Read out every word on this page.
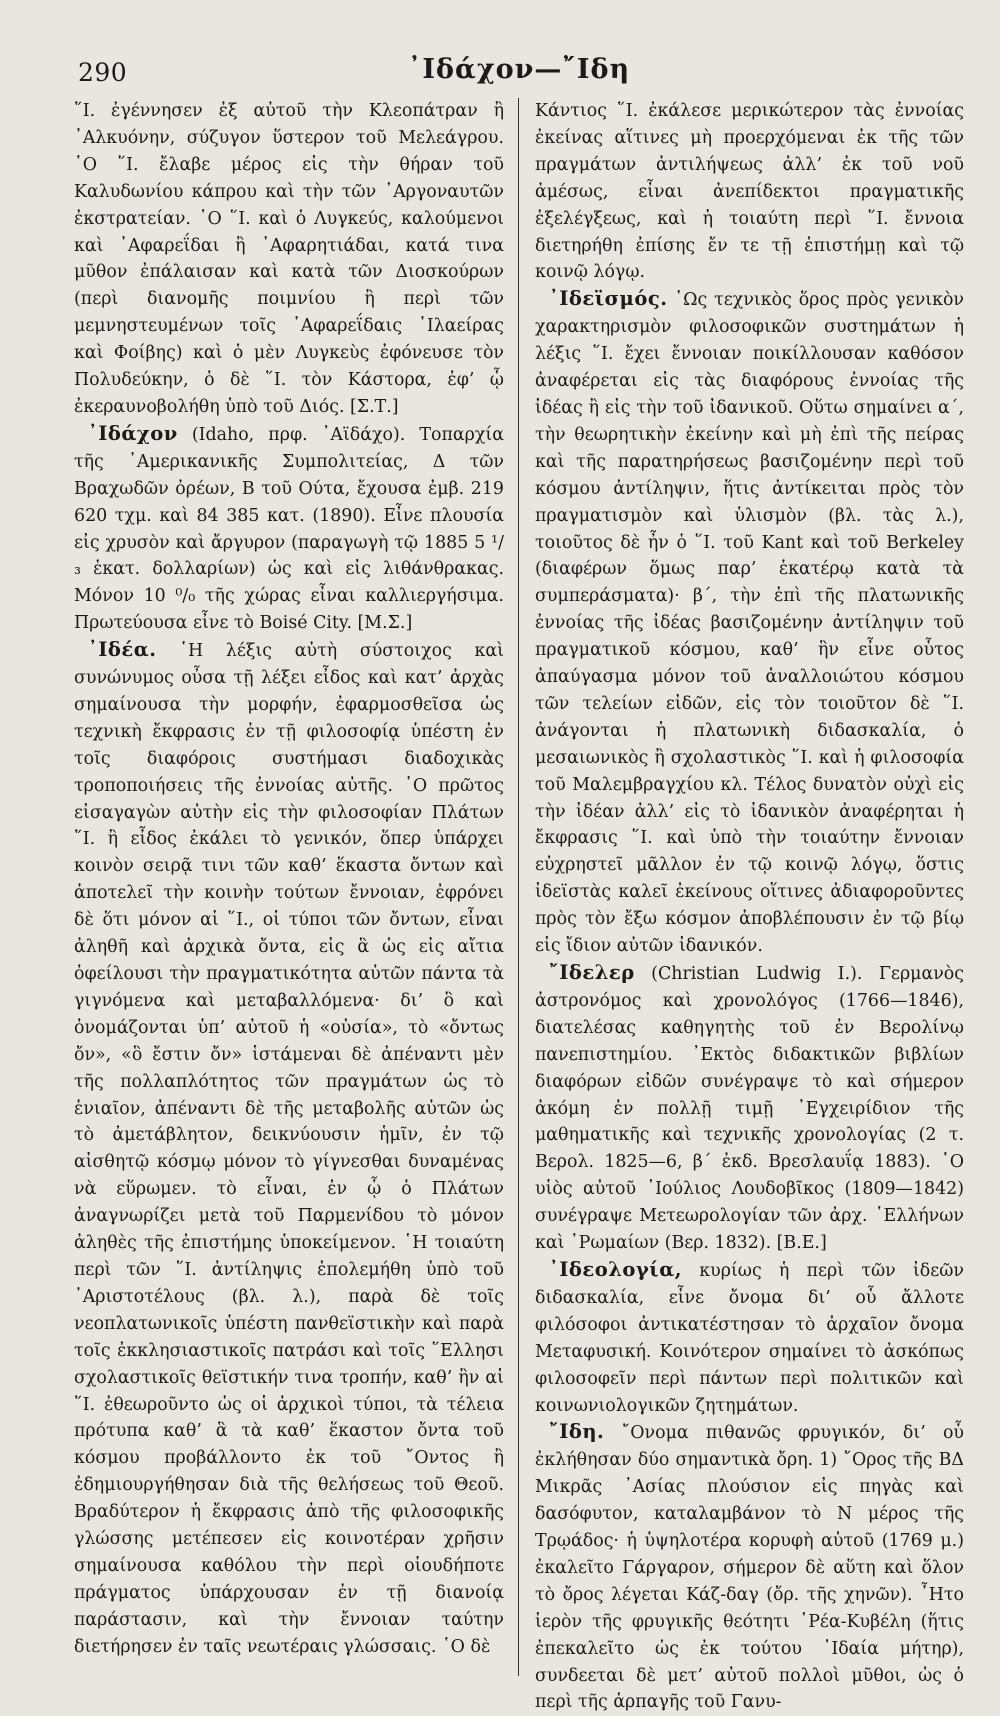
290	᾿Ιδάχον—῎Ιδη

῞Ι. ἐγέννησεν ἐξ αὐτοῦ τὴν Κλεοπάτραν ἢ ᾿Αλκυόνην, σύζυγον ὕστερον τοῦ Μελεάγρου. ῾Ο ῞Ι. ἔλαβε μέρος εἰς τὴν θήραν τοῦ Καλυδωνίου κάπρου καὶ τὴν τῶν ᾿Αργοναυτῶν ἐκστρατείαν. ῾Ο ῞Ι. καὶ ὁ Λυγκεύς, καλούμενοι καὶ ᾿Αφαρεΐδαι ἢ ᾿Αφαρητιάδαι, κατά τινα μῦθον ἐπάλαισαν καὶ κατὰ τῶν Διοσκούρων (περὶ διανομῆς ποιμνίου ἢ περὶ τῶν μεμνηστευμένων τοῖς ᾿Αφαρεΐδαις ῾Ιλαείρας καὶ Φοίβης) καὶ ὁ μὲν Λυγκεὺς ἐφόνευσε τὸν Πολυδεύκην, ὁ δὲ ῞Ι. τὸν Κάστορα, ἐφ’ ᾧ ἐκεραυνοβολήθη ὑπὸ τοῦ Διός. [Σ.Τ.]

᾿Ιδάχον (Idaho, πρφ. ᾿Αϊδάχο). Τοπαρχία τῆς ᾿Αμερικανικῆς Συμπολιτείας, Δ τῶν Βραχωδῶν ὀρέων, Β τοῦ Ούτα, ἔχουσα ἐμβ. 219 620 τχμ. καὶ 84 385 κατ. (1890). Εἶνε πλουσία εἰς χρυσὸν καὶ ἄργυρον (παραγωγὴ τῷ 1885 5 ¹/₃ ἑκατ. δολλαρίων) ὡς καὶ εἰς λιθάνθρακας. Μόνον 10 ⁰/₀ τῆς χώρας εἶναι καλλιεργήσιμα. Πρωτεύουσα εἶνε τὸ Boisé City. [Μ.Σ.]

᾿Ιδέα. ῾Η λέξις αὐτὴ σύστοιχος καὶ συνώνυμος οὖσα τῇ λέξει εἶδος καὶ κατ’ ἀρχὰς σημαίνουσα τὴν μορφήν, ἐφαρμοσθεῖσα ὡς τεχνικὴ ἔκφρασις ἐν τῇ φιλοσοφίᾳ ὑπέστη ἐν τοῖς διαφόροις συστήμασι διαδοχικὰς τροποποιήσεις τῆς ἐννοίας αὐτῆς. ῾Ο πρῶτος εἰσαγαγὼν αὐτὴν εἰς τὴν φιλοσοφίαν Πλάτων ῞Ι. ἢ εἶδος ἐκάλει τὸ γενικόν, ὅπερ ὑπάρχει κοινὸν σειρᾷ τινι τῶν καθ’ ἕκαστα ὄντων καὶ ἀποτελεῖ τὴν κοινὴν τούτων ἔννοιαν, ἐφρόνει δὲ ὅτι μόνον αἱ ῞Ι., οἱ τύποι τῶν ὄντων, εἶναι ἀληθῆ καὶ ἀρχικὰ ὄντα, εἰς ἃ ὡς εἰς αἴτια ὀφείλουσι τὴν πραγματικότητα αὐτῶν πάντα τὰ γιγνόμενα καὶ μεταβαλλόμενα· δι’ ὃ καὶ ὀνομάζονται ὑπ’ αὐτοῦ ἡ «οὐσία», τὸ «ὄντως ὄν», «ὃ ἔστιν ὄν» ἱστάμεναι δὲ ἀπέναντι μὲν τῆς πολλαπλότητος τῶν πραγμάτων ὡς τὸ ἑνιαῖον, ἀπέναντι δὲ τῆς μεταβολῆς αὐτῶν ὡς τὸ ἀμετάβλητον, δεικνύουσιν ἡμῖν, ἐν τῷ αἰσθητῷ κόσμῳ μόνον τὸ γίγνεσθαι δυναμένας νὰ εὕρωμεν. τὸ εἶναι, ἐν ᾧ ὁ Πλάτων ἀναγνωρίζει μετὰ τοῦ Παρμενίδου τὸ μόνον ἀληθὲς τῆς ἐπιστήμης ὑποκείμενον. ῾Η τοιαύτη περὶ τῶν ῞Ι. ἀντίληψις ἐπολεμήθη ὑπὸ τοῦ ᾿Αριστοτέλους (βλ. λ.), παρὰ δὲ τοῖς νεοπλατωνικοῖς ὑπέστη πανθεϊστικὴν καὶ παρὰ τοῖς ἐκκλησιαστικοῖς πατράσι καὶ τοῖς ῞Ελλησι σχολαστικοῖς θεϊστικήν τινα τροπήν, καθ’ ἣν αἱ ῞Ι. ἐθεωροῦντο ὡς οἱ ἀρχικοὶ τύποι, τὰ τέλεια πρότυπα καθ’ ἃ τὰ καθ’ ἕκαστον ὄντα τοῦ κόσμου προβάλλοντο ἐκ τοῦ ῎Οντος ἢ ἐδημιουργήθησαν διὰ τῆς θελήσεως τοῦ Θεοῦ. Βραδύτερον ἡ ἔκφρασις ἀπὸ τῆς φιλοσοφικῆς γλώσσης μετέπεσεν εἰς κοινοτέραν χρῆσιν σημαίνουσα καθόλου τὴν περὶ οἱουδήποτε πράγματος ὑπάρχουσαν ἐν τῇ διανοίᾳ παράστασιν, καὶ τὴν ἔννοιαν ταύτην διετήρησεν ἐν ταῖς νεωτέραις γλώσσαις. ῾Ο δὲ

Κάντιος ῞Ι. ἐκάλεσε μερικώτερον τὰς ἐννοίας ἐκείνας αἵτινες μὴ προερχόμεναι ἐκ τῆς τῶν πραγμάτων ἀντιλήψεως ἀλλ’ ἐκ τοῦ νοῦ ἀμέσως, εἶναι ἀνεπίδεκτοι πραγματικῆς ἐξελέγξεως, καὶ ἡ τοιαύτη περὶ ῞Ι. ἔννοια διετηρήθη ἐπίσης ἔν τε τῇ ἐπιστήμῃ καὶ τῷ κοινῷ λόγῳ.

᾿Ιδεϊσμός. ῾Ως τεχνικὸς ὅρος πρὸς γενικὸν χαρακτηρισμὸν φιλοσοφικῶν συστημάτων ἡ λέξις ῞Ι. ἔχει ἔννοιαν ποικίλλουσαν καθόσον ἀναφέρεται εἰς τὰς διαφόρους ἐννοίας τῆς ἰδέας ἢ εἰς τὴν τοῦ ἰδανικοῦ. Οὕτω σημαίνει α΄, τὴν θεωρητικὴν ἐκείνην καὶ μὴ ἐπὶ τῆς πείρας καὶ τῆς παρατηρήσεως βασιζομένην περὶ τοῦ κόσμου ἀντίληψιν, ἥτις ἀντίκειται πρὸς τὸν πραγματισμὸν καὶ ὑλισμὸν (βλ. τὰς λ.), τοιοῦτος δὲ ἦν ὁ ῞Ι. τοῦ Kant καὶ τοῦ Berkeley (διαφέρων ὅμως παρ’ ἑκατέρῳ κατὰ τὰ συμπεράσματα)· β΄, τὴν ἐπὶ τῆς πλατωνικῆς ἐννοίας τῆς ἰδέας βασιζομένην ἀντίληψιν τοῦ πραγματικοῦ κόσμου, καθ’ ἣν εἶνε οὗτος ἀπαύγασμα μόνον τοῦ ἀναλλοιώτου κόσμου τῶν τελείων εἰδῶν, εἰς τὸν τοιοῦτον δὲ ῞Ι. ἀνάγονται ἡ πλατωνικὴ διδασκαλία, ὁ μεσαιωνικὸς ἢ σχολαστικὸς ῞Ι. καὶ ἡ φιλοσοφία τοῦ Μαλεμβραγχίου κλ. Τέλος δυνατὸν οὐχὶ εἰς τὴν ἰδέαν ἀλλ’ εἰς τὸ ἰδανικὸν ἀναφέρηται ἡ ἔκφρασις ῞Ι. καὶ ὑπὸ τὴν τοιαύτην ἔννοιαν εὐχρηστεῖ μᾶλλον ἐν τῷ κοινῷ λόγῳ, ὅστις ἰδεϊστὰς καλεῖ ἐκείνους οἵτινες ἀδιαφοροῦντες πρὸς τὸν ἔξω κόσμον ἀποβλέπουσιν ἐν τῷ βίῳ εἰς ἴδιον αὐτῶν ἰδανικόν.

῎Ιδελερ (Christian Ludwig I.). Γερμανὸς ἀστρονόμος καὶ χρονολόγος (1766—1846), διατελέσας καθηγητὴς τοῦ ἐν Βερολίνῳ πανεπιστημίου. ᾿Εκτὸς διδακτικῶν βιβλίων διαφόρων εἰδῶν συνέγραψε τὸ καὶ σήμερον ἀκόμη ἐν πολλῇ τιμῇ ᾿Εγχειρίδιον τῆς μαθηματικῆς καὶ τεχνικῆς χρονολογίας (2 τ. Βερολ. 1825—6, β΄ ἐκδ. Βρεσλαυΐᾳ 1883). ῾Ο υἱὸς αὐτοῦ ᾿Ιούλιος Λουδοβῖκος (1809—1842) συνέγραψε Μετεωρολογίαν τῶν ἀρχ. ῾Ελλήνων καὶ ῾Ρωμαίων (Βερ. 1832). [Β.Ε.]

᾿Ιδεολογία, κυρίως ἡ περὶ τῶν ἰδεῶν διδασκαλία, εἶνε ὄνομα δι’ οὗ ἄλλοτε φιλόσοφοι ἀντικατέστησαν τὸ ἀρχαῖον ὄνομα Μεταφυσική. Κοινότερον σημαίνει τὸ ἀσκόπως φιλοσοφεῖν περὶ πάντων περὶ πολιτικῶν καὶ κοινωνιολογικῶν ζητημάτων.

῎Ιδη. ῎Ονομα πιθανῶς φρυγικόν, δι’ οὗ ἐκλήθησαν δύο σημαντικὰ ὄρη. 1) ῎Ορος τῆς ΒΔ Μικρᾶς ᾿Ασίας πλούσιον εἰς πηγὰς καὶ δασόφυτον, καταλαμβάνον τὸ Ν μέρος τῆς Τρῳάδος· ἡ ὑψηλοτέρα κορυφὴ αὐτοῦ (1769 μ.) ἐκαλεῖτο Γάργαρον, σήμερον δὲ αὕτη καὶ ὅλον τὸ ὄρος λέγεται Κάζ-δαγ (ὄρ. τῆς χηνῶν). ῏Ητο ἱερὸν τῆς φρυγικῆς θεότητι ῾Ρέα-Κυβέλη (ἥτις ἐπεκαλεῖτο ὡς ἐκ τούτου ᾿Ιδαία μήτηρ), συνδεεται δὲ μετ’ αὐτοῦ πολλοὶ μῦθοι, ὡς ὁ περὶ τῆς ἁρπαγῆς τοῦ Γανυ-
